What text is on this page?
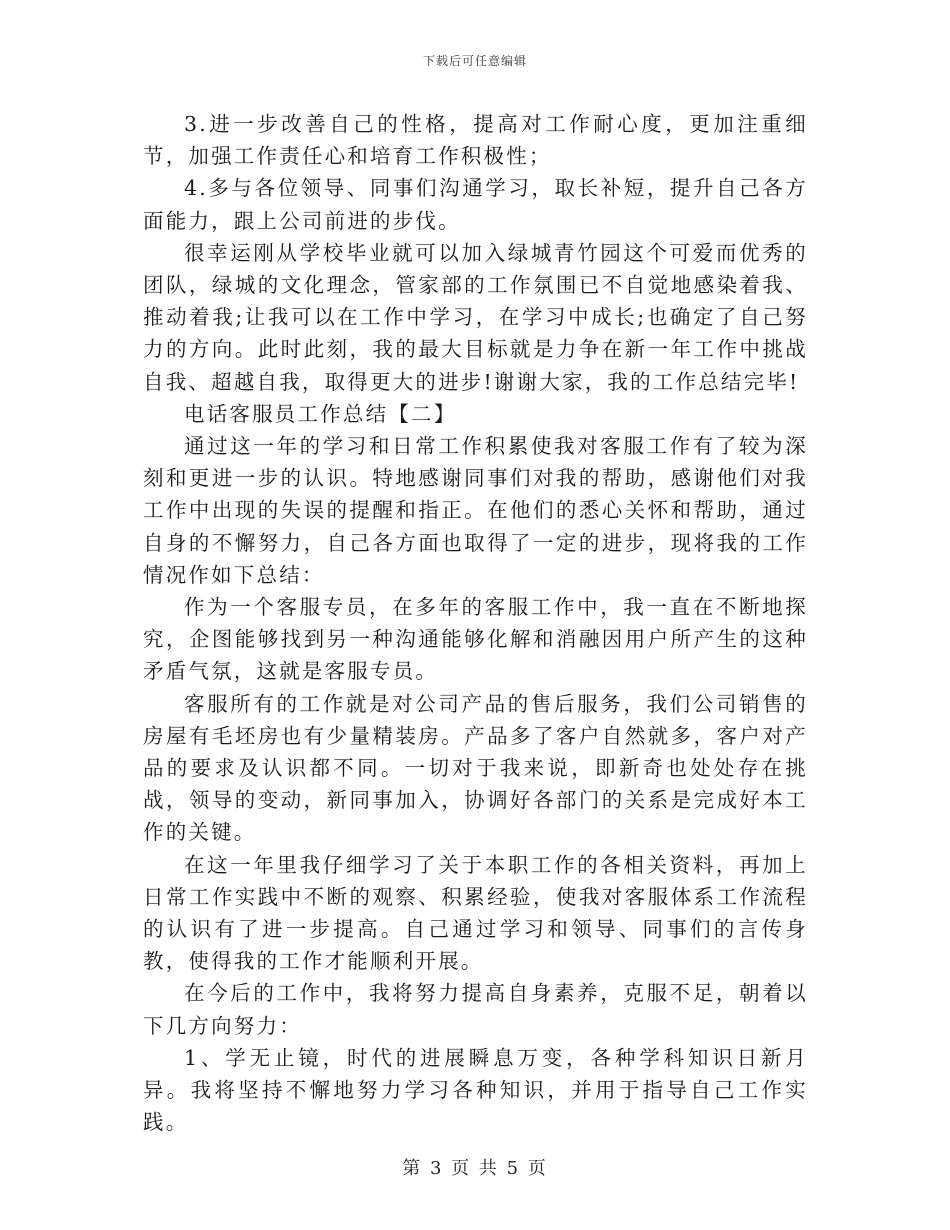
下载后可任意编辑

3.进一步改善自己的性格，提高对工作耐心度，更加注重细节，加强工作责任心和培育工作积极性；

4.多与各位领导、同事们沟通学习，取长补短，提升自己各方面能力，跟上公司前进的步伐。

很幸运刚从学校毕业就可以加入绿城青竹园这个可爱而优秀的团队，绿城的文化理念，管家部的工作氛围已不自觉地感染着我、推动着我;让我可以在工作中学习，在学习中成长;也确定了自己努力的方向。此时此刻，我的最大目标就是力争在新一年工作中挑战自我、超越自我，取得更大的进步!谢谢大家，我的工作总结完毕!

电话客服员工作总结【二】

通过这一年的学习和日常工作积累使我对客服工作有了较为深刻和更进一步的认识。特地感谢同事们对我的帮助，感谢他们对我工作中出现的失误的提醒和指正。在他们的悉心关怀和帮助，通过自身的不懈努力，自己各方面也取得了一定的进步，现将我的工作情况作如下总结：

作为一个客服专员，在多年的客服工作中，我一直在不断地探究，企图能够找到另一种沟通能够化解和消融因用户所产生的这种矛盾气氛，这就是客服专员。

客服所有的工作就是对公司产品的售后服务，我们公司销售的房屋有毛坯房也有少量精装房。产品多了客户自然就多，客户对产品的要求及认识都不同。一切对于我来说，即新奇也处处存在挑战，领导的变动，新同事加入，协调好各部门的关系是完成好本工作的关键。

在这一年里我仔细学习了关于本职工作的各相关资料，再加上日常工作实践中不断的观察、积累经验，使我对客服体系工作流程的认识有了进一步提高。自己通过学习和领导、同事们的言传身教，使得我的工作才能顺利开展。

在今后的工作中，我将努力提高自身素养，克服不足，朝着以下几方向努力：

1、学无止镜，时代的进展瞬息万变，各种学科知识日新月异。我将坚持不懈地努力学习各种知识，并用于指导自己工作实践。

第 3 页 共 5 页
